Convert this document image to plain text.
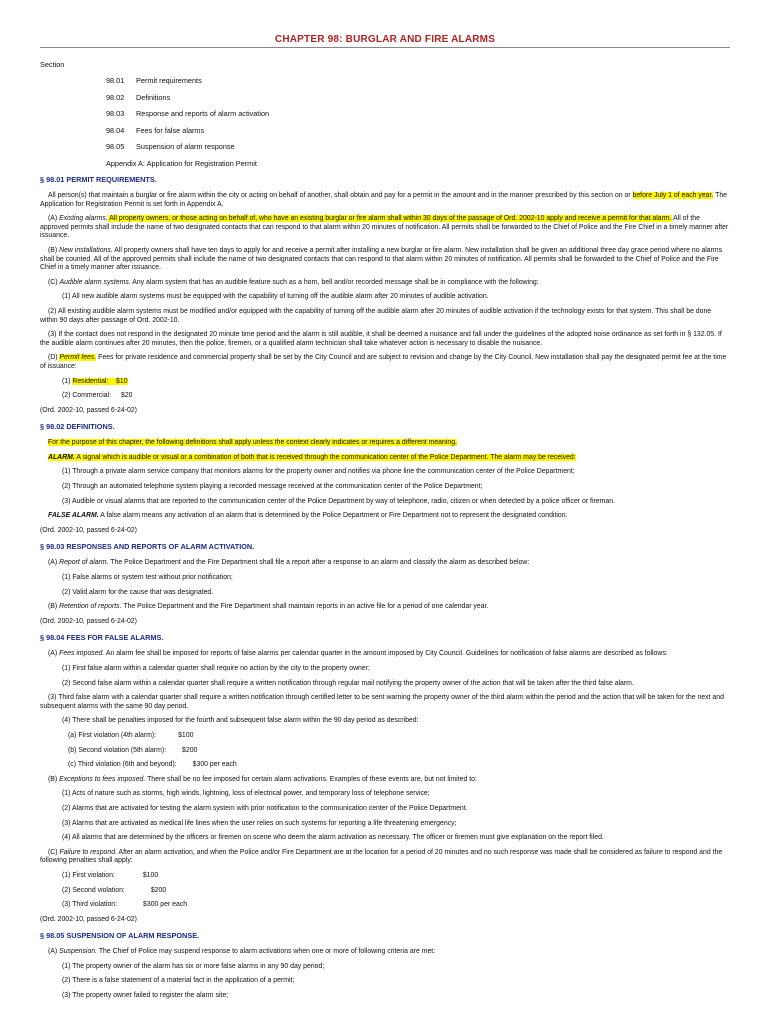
CHAPTER 98: BURGLAR AND FIRE ALARMS
Section
98.01 Permit requirements
98.02 Definitions
98.03 Response and reports of alarm activation
98.04 Fees for false alarms
98.05 Suspension of alarm response
Appendix A: Application for Registration Permit
§ 98.01 PERMIT REQUIREMENTS.
All person(s) that maintain a burglar or fire alarm within the city or acting on behalf of another, shall obtain and pay for a permit in the amount and in the manner prescribed by this section on or before July 1 of each year. The Application for Registration Permit is set forth in Appendix A.
(A) Existing alarms. All property owners, or those acting on behalf of, who have an existing burglar or fire alarm shall within 30 days of the passage of Ord. 2002-10 apply and receive a permit for that alarm. All of the approved permits shall include the name of two designated contacts that can respond to that alarm within 20 minutes of notification. All permits shall be forwarded to the Chief of Police and the Fire Chief in a timely manner after issuance.
(B) New installations. All property owners shall have ten days to apply for and receive a permit after installing a new burglar or fire alarm. New installation shall be given an additional three day grace period where no alarms shall be counted. All of the approved permits shall include the name of two designated contacts that can respond to that alarm within 20 minutes of notification. All permits shall be forwarded to the Chief of Police and the Fire Chief in a timely manner after issuance.
(C) Audible alarm systems. Any alarm system that has an audible feature such as a horn, bell and/or recorded message shall be in compliance with the following:
(1) All new audible alarm systems must be equipped with the capability of turning off the audible alarm after 20 minutes of audible activation.
(2) All existing audible alarm systems must be modified and/or equipped with the capability of turning off the audible alarm after 20 minutes of audible activation if the technology exists for that system. This shall be done within 90 days after passage of Ord. 2002-10.
(3) If the contact does not respond in the designated 20 minute time period and the alarm is still audible, it shall be deemed a nuisance and fall under the guidelines of the adopted noise ordinance as set forth in § 132.05. If the audible alarm continues after 20 minutes, then the police, firemen, or a qualified alarm technician shall take whatever action is necessary to disable the nuisance.
(D) Permit fees. Fees for private residence and commercial property shall be set by the City Council and are subject to revision and change by the City Council. New installation shall pay the designated permit fee at the time of issuance:
(1) Residential: $10
(2) Commercial: $20
(Ord. 2002-10, passed 6-24-02)
§ 98.02 DEFINITIONS.
For the purpose of this chapter, the following definitions shall apply unless the context clearly indicates or requires a different meaning.
ALARM. A signal which is audible or visual or a combination of both that is received through the communication center of the Police Department. The alarm may be received:
(1) Through a private alarm service company that monitors alarms for the property owner and notifies via phone line the communication center of the Police Department;
(2) Through an automated telephone system playing a recorded message received at the communication center of the Police Department;
(3) Audible or visual alarms that are reported to the communication center of the Police Department by way of telephone, radio, citizen or when detected by a police officer or fireman.
FALSE ALARM. A false alarm means any activation of an alarm that is determined by the Police Department or Fire Department not to represent the designated condition.
(Ord. 2002-10, passed 6-24-02)
§ 98.03 RESPONSES AND REPORTS OF ALARM ACTIVATION.
(A) Report of alarm. The Police Department and the Fire Department shall file a report after a response to an alarm and classify the alarm as described below:
(1) False alarms or system test without prior notification;
(2) Valid alarm for the cause that was designated.
(B) Retention of reports. The Police Department and the Fire Department shall maintain reports in an active file for a period of one calendar year.
(Ord. 2002-10, passed 6-24-02)
§ 98.04 FEES FOR FALSE ALARMS.
(A) Fees imposed. An alarm fee shall be imposed for reports of false alarms per calendar quarter in the amount imposed by City Council. Guidelines for notification of false alarms are described as follows:
(1) First false alarm within a calendar quarter shall require no action by the city to the property owner;
(2) Second false alarm within a calendar quarter shall require a written notification through regular mail notifying the property owner of the action that will be taken after the third false alarm.
(3) Third false alarm with a calendar quarter shall require a written notification through certified letter to be sent warning the property owner of the third alarm within the period and the action that will be taken for the next and subsequent alarms with the same 90 day period.
(4) There shall be penalties imposed for the fourth and subsequent false alarm within the 90 day period as described:
(a) First violation (4th alarm):	$100
(b) Second violation (5th alarm): $200
(c) Third violation (6th and beyond): $300 per each
(B) Exceptions to fees imposed. There shall be no fee imposed for certain alarm activations. Examples of these events are, but not limited to:
(1) Acts of nature such as storms, high winds, lightning, loss of electrical power, and temporary loss of telephone service;
(2) Alarms that are activated for testing the alarm system with prior notification to the communication center of the Police Department.
(3) Alarms that are activated as medical life lines when the user relies on such systems for reporting a life threatening emergency;
(4) All alarms that are determined by the officers or firemen on scene who deem the alarm activation as necessary. The officer or firemen must give explanation on the report filed.
(C) Failure to respond. After an alarm activation, and when the Police and/or Fire Department are at the location for a period of 20 minutes and no such response was made shall be considered as failure to respond and the following penalties shall apply:
(1) First violation:	$100
(2) Second violation:	$200
(3) Third violation:	$300 per each
(Ord. 2002-10, passed 6-24-02)
§ 98.05 SUSPENSION OF ALARM RESPONSE.
(A) Suspension. The Chief of Police may suspend response to alarm activations when one or more of following criteria are met:
(1) The property owner of the alarm has six or more false alarms in any 90 day period;
(2) There is a false statement of a material fact in the application of a permit;
(3) The property owner failed to register the alarm site;
